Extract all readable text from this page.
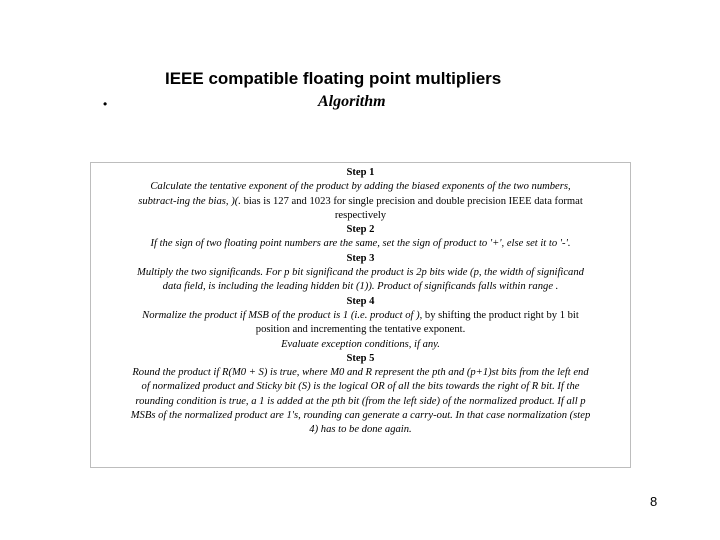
IEEE compatible floating point multipliers
•	Algorithm
Step 1
Calculate the tentative exponent of the product by adding the biased exponents of the two numbers,
subtract-ing the bias, )(. bias is 127 and 1023 for single precision and double precision IEEE data format
respectively
Step 2
If the sign of two floating point numbers are the same, set the sign of product to '+', else set it to '-'.
Step 3
Multiply the two significands. For p bit significand the product is 2p bits wide (p, the width of significand
data field, is including the leading hidden bit (1)). Product of significands falls within range .
Step 4
Normalize the product if MSB of the product is 1 (i.e. product of ), by shifting the product right by 1 bit
position and incrementing the tentative exponent.
Evaluate exception conditions, if any.
Step 5
Round the product if R(M0 + S) is true, where M0 and R represent the pth and (p+1)st bits from the left end
of normalized product and Sticky bit (S) is the logical OR of all the bits towards the right of R bit. If the
rounding condition is true, a 1 is added at the pth bit (from the left side) of the normalized product. If all p
MSBs of the normalized product are 1's, rounding can generate a carry-out. In that case normalization (step
4) has to be done again.
8
